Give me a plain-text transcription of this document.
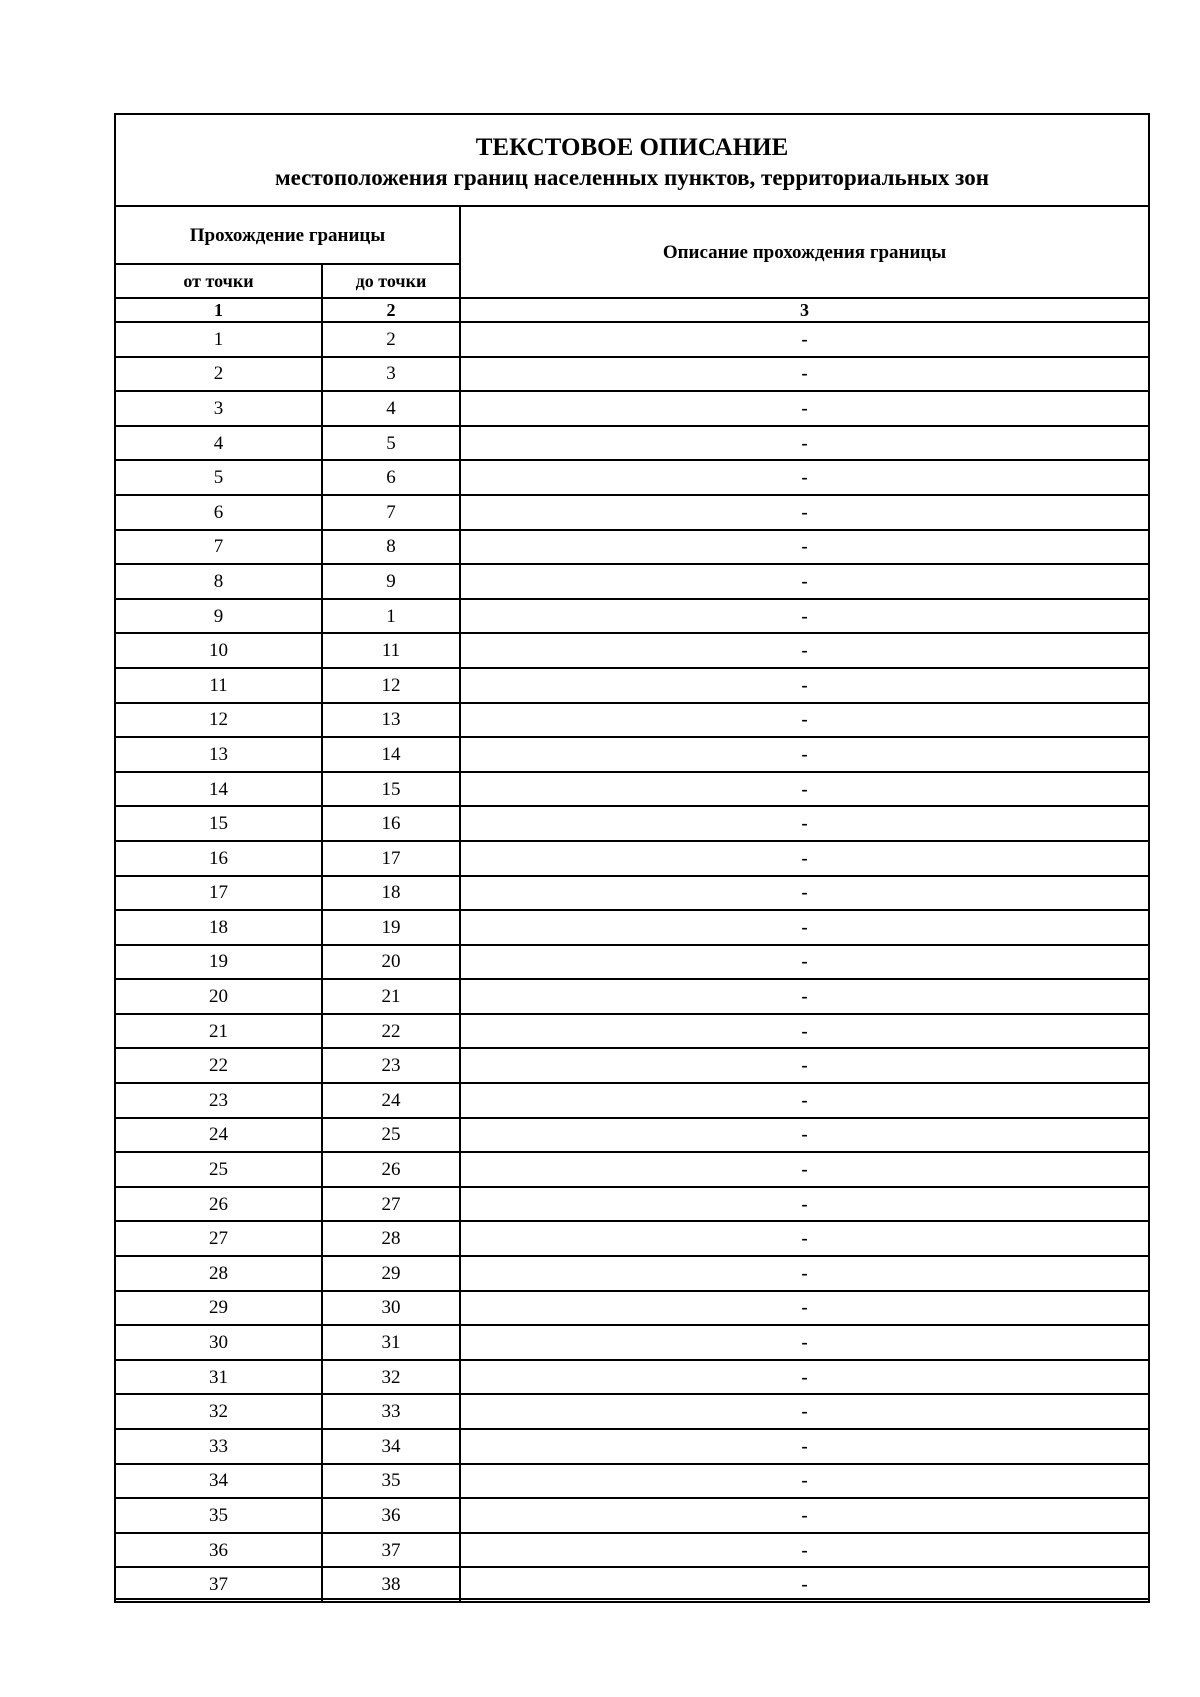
ТЕКСТОВОЕ ОПИСАНИЕ
местоположения границ населенных пунктов, территориальных зон		

Прохождение границы		Описание прохождения границы
от точки	до точки	
1	2	3
1	2	-
2	3	-
3	4	-
4	5	-
5	6	-
6	7	-
7	8	-
8	9	-
9	1	-
10	11	-
11	12	-
12	13	-
13	14	-
14	15	-
15	16	-
16	17	-
17	18	-
18	19	-
19	20	-
20	21	-
21	22	-
22	23	-
23	24	-
24	25	-
25	26	-
26	27	-
27	28	-
28	29	-
29	30	-
30	31	-
31	32	-
32	33	-
33	34	-
34	35	-
35	36	-
36	37	-
37	38	-
